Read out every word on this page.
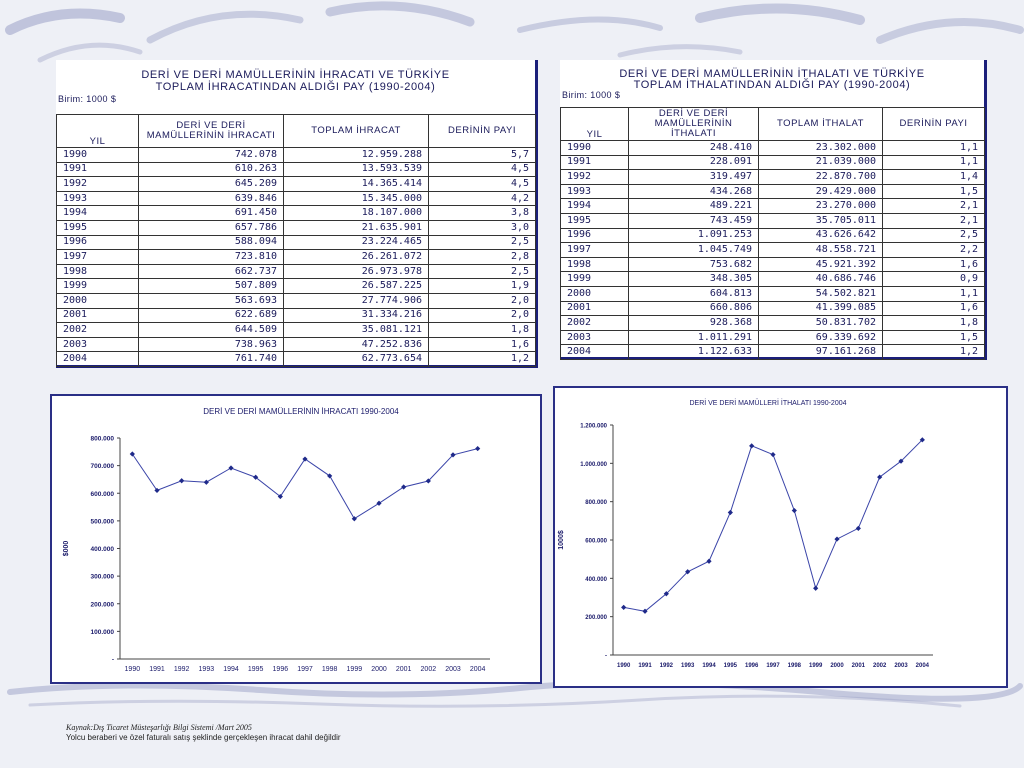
DERİ VE DERİ MAMÜLLERİNİN İHRACATI VE TÜRKİYE
TOPLAM İHRACATINDAN ALDIĞI PAY (1990-2004)
Birim: 1000 $
YIL	DERİ VE DERİ MAMÜLLERİNİN İHRACATI	TOPLAM İHRACAT	DERİNİN PAYI
1990	742.078	12.959.288	5,7
1991	610.263	13.593.539	4,5
1992	645.209	14.365.414	4,5
1993	639.846	15.345.000	4,2
1994	691.450	18.107.000	3,8
1995	657.786	21.635.901	3,0
1996	588.094	23.224.465	2,5
1997	723.810	26.261.072	2,8
1998	662.737	26.973.978	2,5
1999	507.809	26.587.225	1,9
2000	563.693	27.774.906	2,0
2001	622.689	31.334.216	2,0
2002	644.509	35.081.121	1,8
2003	738.963	47.252.836	1,6
2004	761.740	62.773.654	1,2
DERİ VE DERİ MAMÜLLERİNİN İTHALATI VE TÜRKİYE
TOPLAM İTHALATINDAN ALDIĞI PAY (1990-2004)
Birim: 1000 $
YIL	DERİ VE DERİ MAMÜLLERİNİN İTHALATI	TOPLAM İTHALAT	DERİNİN PAYI
1990	248.410	23.302.000	1,1
1991	228.091	21.039.000	1,1
1992	319.497	22.870.700	1,4
1993	434.268	29.429.000	1,5
1994	489.221	23.270.000	2,1
1995	743.459	35.705.011	2,1
1996	1.091.253	43.626.642	2,5
1997	1.045.749	48.558.721	2,2
1998	753.682	45.921.392	1,6
1999	348.305	40.686.746	0,9
2000	604.813	54.502.821	1,1
2001	660.806	41.399.085	1,6
2002	928.368	50.831.702	1,8
2003	1.011.291	69.339.692	1,5
2004	1.122.633	97.161.268	1,2
DERİ VE DERİ MAMÜLLERİNİN İHRACATI 1990-2004
-
100.000
200.000
300.000
400.000
500.000
600.000
700.000
800.000
1990 1991 1992 1993 1994 1995 1996 1997 1998 1999 2000 2001 2002 2003 2004
$000
DERİ VE DERİ MAMÜLLERİ İTHALATI 1990-2004
-
200.000
400.000
600.000
800.000
1.000.000
1.200.000
1990 1991 1992 1993 1994 1995 1996 1997 1998 1999 2000 2001 2002 2003 2004
1000$
Kaynak:Dış Ticaret Müsteşarlığı Bilgi Sistemi /Mart 2005
Yolcu beraberi ve özel faturalı satış şeklinde gerçekleşen ihracat dahil değildir
